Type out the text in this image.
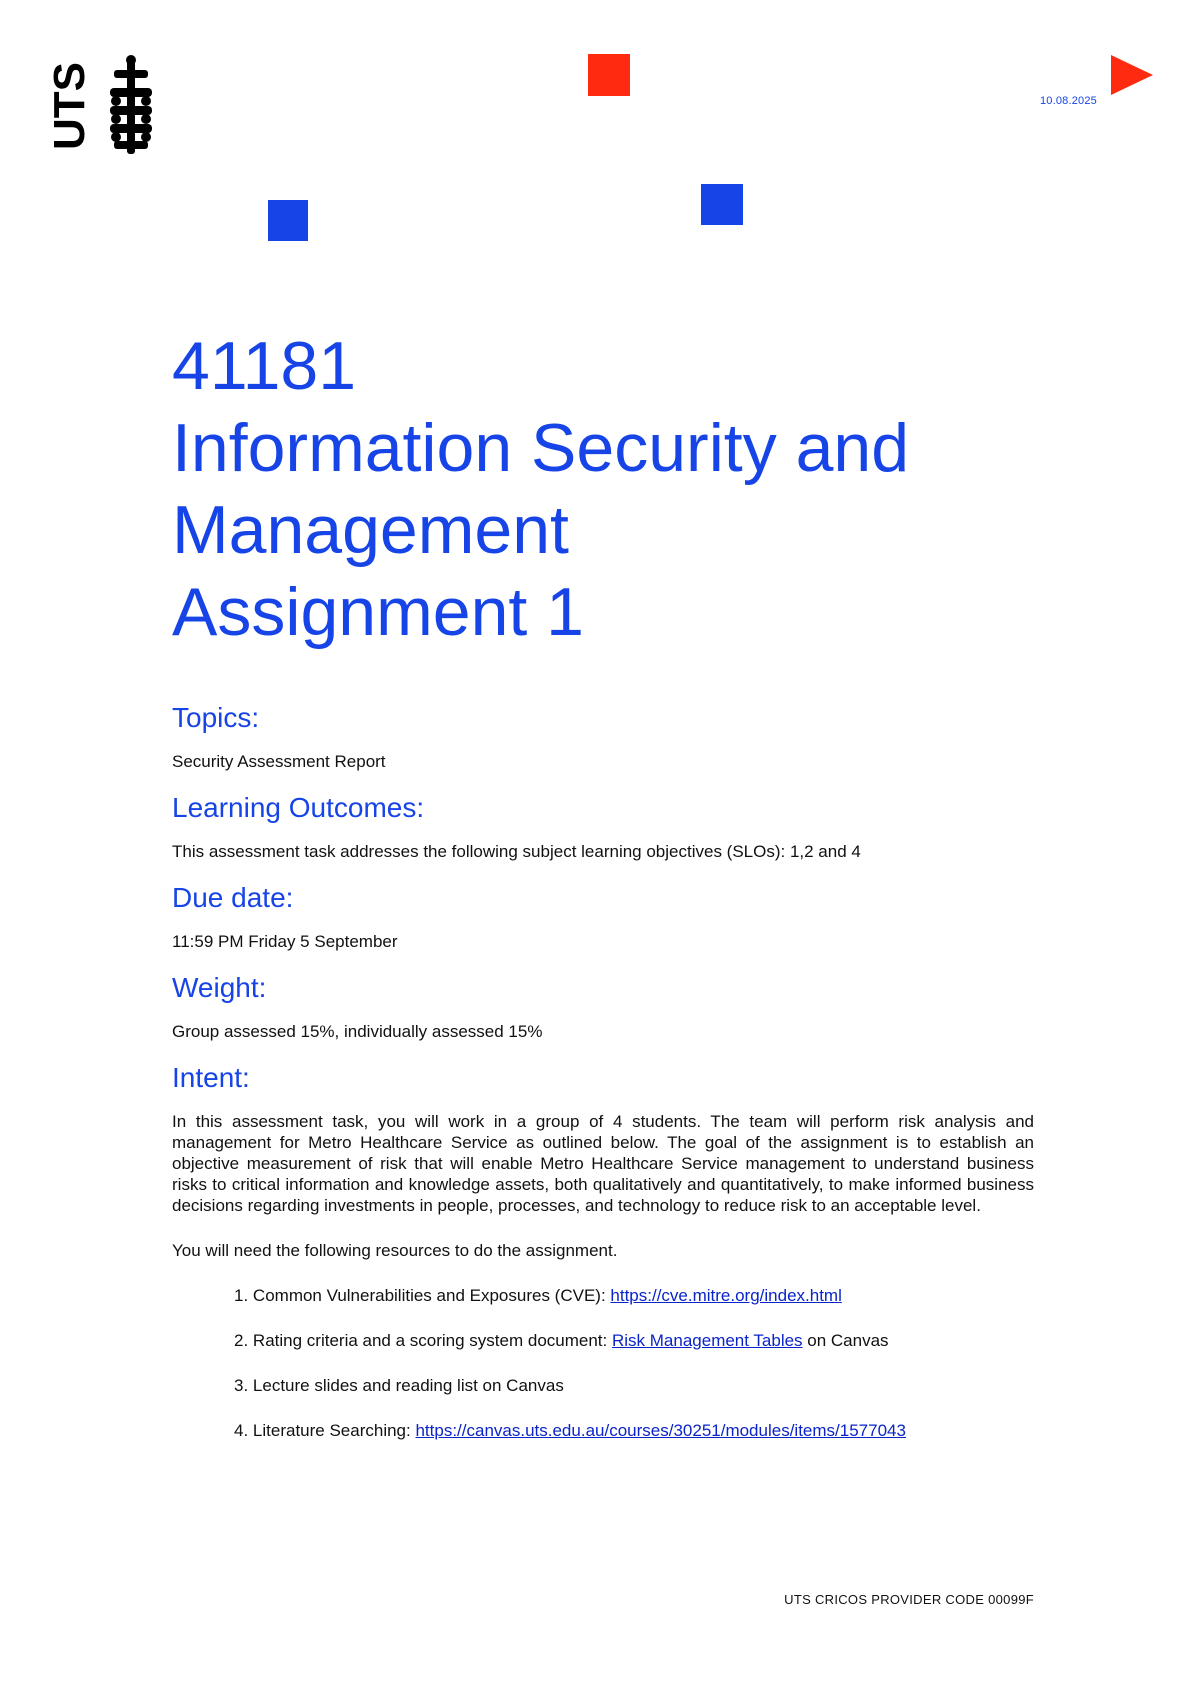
UTS	10.08.2025
41181
Information Security and
Management
Assignment 1
Topics:

Security Assessment Report

Learning Outcomes:

This assessment task addresses the following subject learning objectives (SLOs): 1,2 and 4

Due date:

11:59 PM Friday 5 September

Weight:

Group assessed 15%, individually assessed 15%

Intent:

In this assessment task, you will work in a group of 4 students. The team will perform risk analysis and management for Metro Healthcare Service as outlined below. The goal of the assignment is to establish an objective measurement of risk that will enable Metro Healthcare Service management to understand business risks to critical information and knowledge assets, both qualitatively and quantitatively, to make informed business decisions regarding investments in people, processes, and technology to reduce risk to an acceptable level.

You will need the following resources to do the assignment.

1. Common Vulnerabilities and Exposures (CVE): https://cve.mitre.org/index.html
2. Rating criteria and a scoring system document: Risk Management Tables on Canvas
3. Lecture slides and reading list on Canvas
4. Literature Searching: https://canvas.uts.edu.au/courses/30251/modules/items/1577043
UTS CRICOS PROVIDER CODE 00099F
